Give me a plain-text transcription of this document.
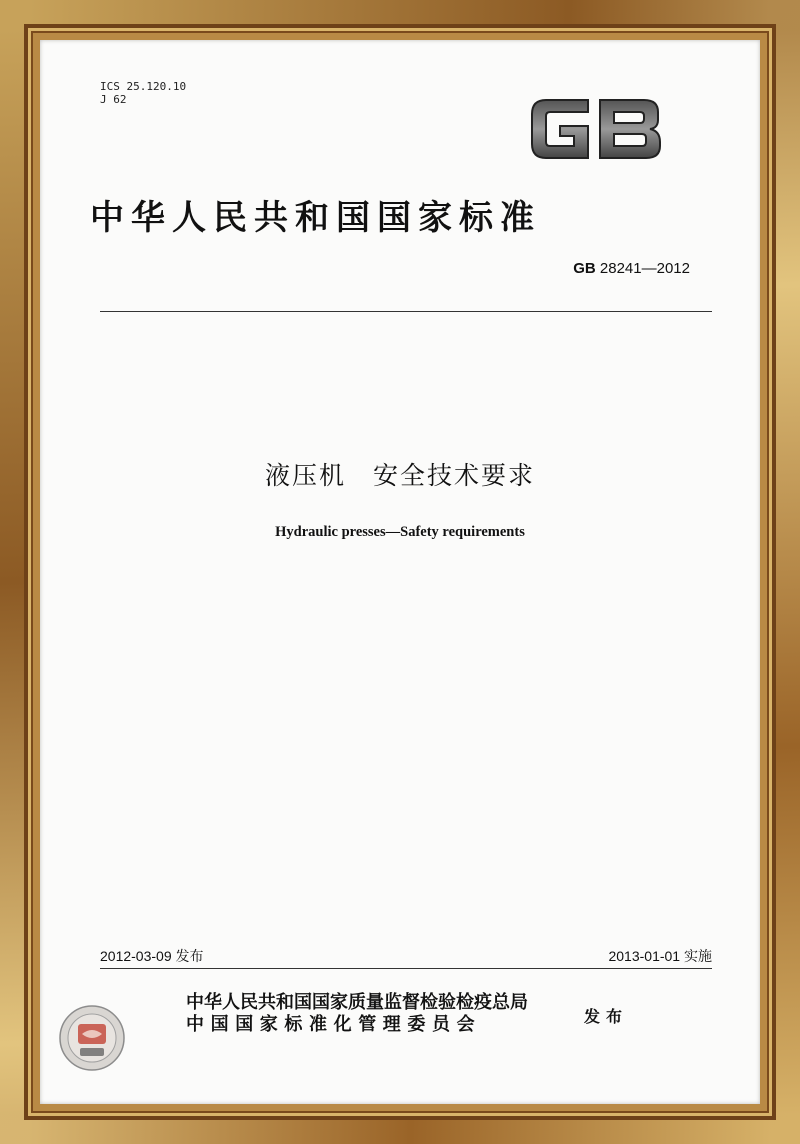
ICS 25.120.10
J 62
中华人民共和国国家标准
GB 28241—2012
液压机　安全技术要求
Hydraulic presses—Safety requirements
2012-03-09 发布	2013-01-01 实施
中华人民共和国国家质量监督检验检疫总局
中国国家标准化管理委员会	发布
